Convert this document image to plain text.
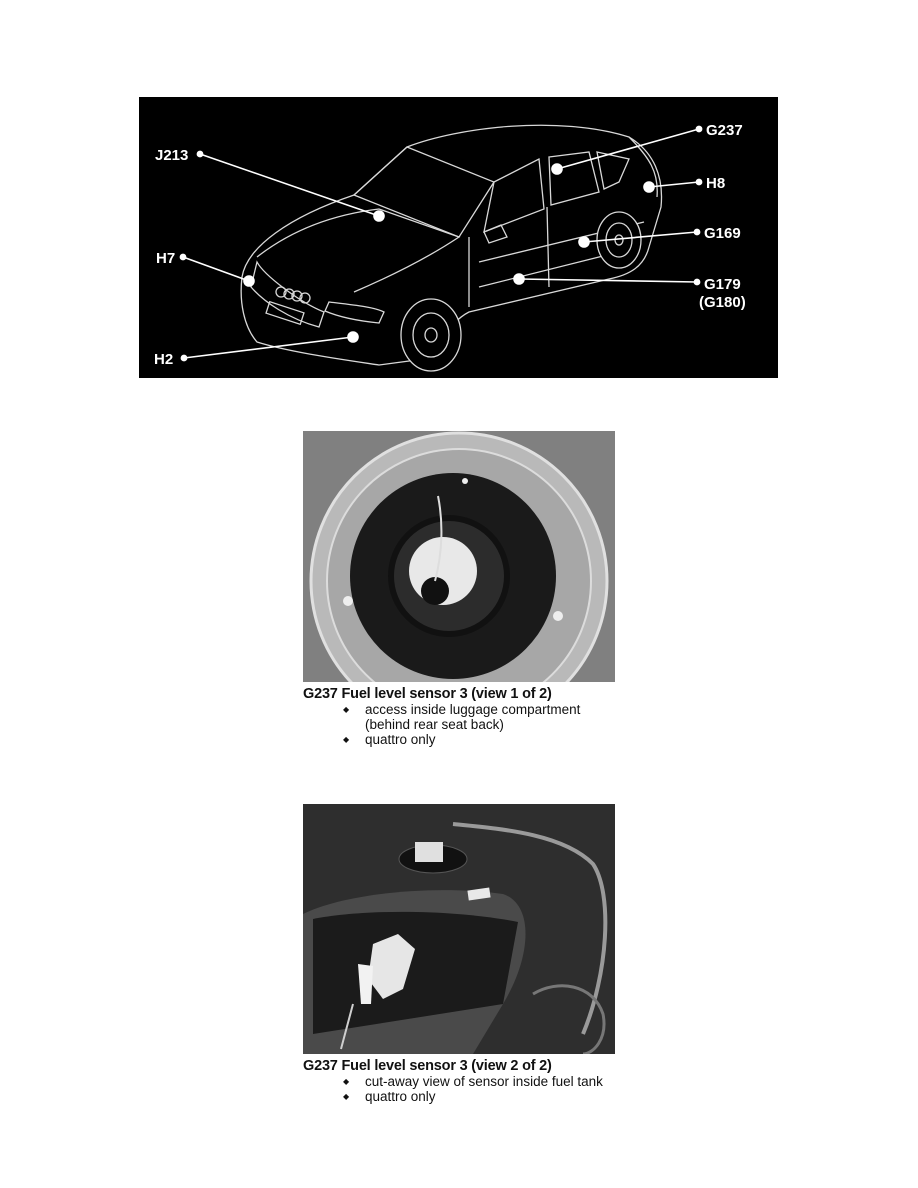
J213
G237
H8
G169
H7
G179
(G180)
H2
G237 Fuel level sensor 3 (view 1 of 2)
◆ access inside luggage compartment
(behind rear seat back)
◆ quattro only
G237 Fuel level sensor 3 (view 2 of 2)
◆ cut-away view of sensor inside fuel tank
◆ quattro only
